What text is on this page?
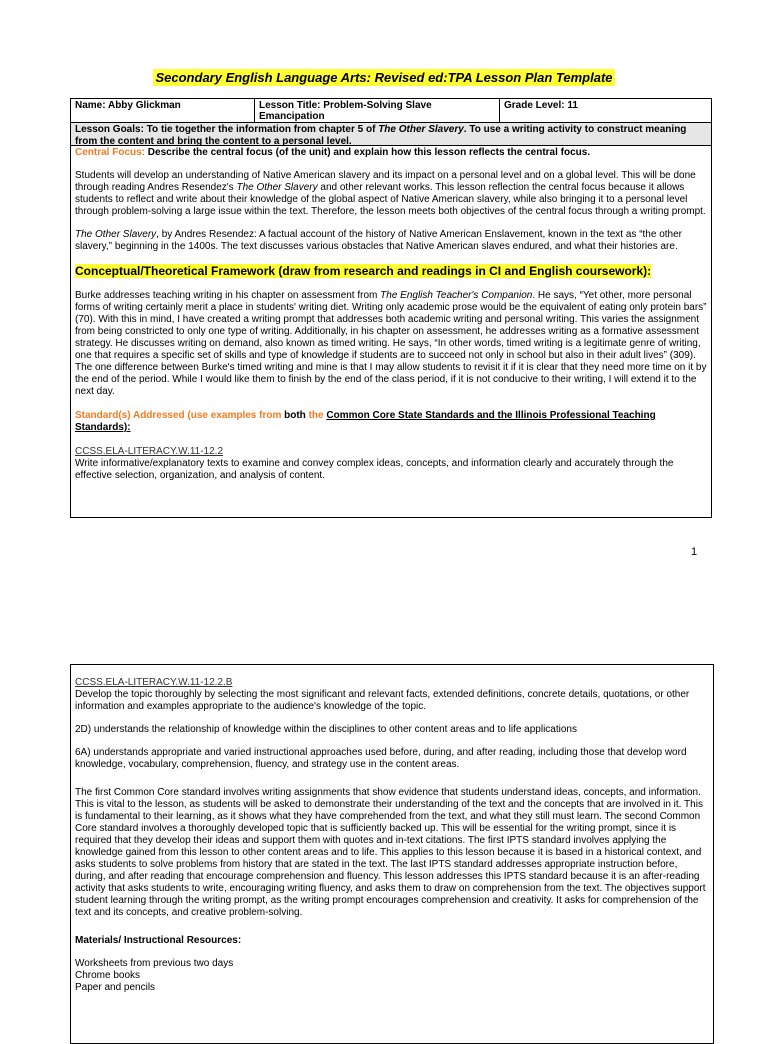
Secondary English Language Arts: Revised ed:TPA Lesson Plan Template
Name: Abby Glickman	Lesson Title: Problem-Solving Slave Emancipation
Grade Level: 11
Lesson Goals: To tie together the information from chapter 5 of The Other Slavery. To use a writing activity to construct meaning from the content and bring the content to a personal level.

Central Focus: Describe the central focus (of the unit) and explain how this lesson reflects the central focus.

Students will develop an understanding of Native American slavery and its impact on a personal level and on a global level. This will be done through reading Andres Resendez's The Other Slavery and other relevant works. This lesson reflection the central focus because it allows students to reflect and write about their knowledge of the global aspect of Native American slavery, while also bringing it to a personal level through problem-solving a large issue within the text. Therefore, the lesson meets both objectives of the central focus through a writing prompt.

The Other Slavery, by Andres Resendez: A factual account of the history of Native American Enslavement, known in the text as “the other slavery,” beginning in the 1400s. The text discusses various obstacles that Native American slaves endured, and what their histories are.

Conceptual/Theoretical Framework (draw from research and readings in CI and English coursework):

Burke addresses teaching writing in his chapter on assessment from The English Teacher's Companion. He says, “Yet other, more personal forms of writing certainly merit a place in students' writing diet. Writing only academic prose would be the equivalent of eating only protein bars” (70). With this in mind, I have created a writing prompt that addresses both academic writing and personal writing. This varies the assignment from being constricted to only one type of writing. Additionally, in his chapter on assessment, he addresses writing as a formative assessment strategy. He discusses writing on demand, also known as timed writing. He says, “In other words, timed writing is a legitimate genre of writing, one that requires a specific set of skills and type of knowledge if students are to succeed not only in school but also in their adult lives” (309). The one difference between Burke's timed writing and mine is that I may allow students to revisit it if it is clear that they need more time on it by the end of the period. While I would like them to finish by the end of the class period, if it is not conducive to their writing, I will extend it to the next day.

Standard(s) Addressed (use examples from both the Common Core State Standards and the Illinois Professional Teaching Standards):

CCSS.ELA-LITERACY.W.11-12.2

Write informative/explanatory texts to examine and convey complex ideas, concepts, and information clearly and accurately through the effective selection, organization, and analysis of content.

1

CCSS.ELA-LITERACY.W.11-12.2.B

Develop the topic thoroughly by selecting the most significant and relevant facts, extended definitions, concrete details, quotations, or other information and examples appropriate to the audience's knowledge of the topic.

2D) understands the relationship of knowledge within the disciplines to other content areas and to life applications

6A) understands appropriate and varied instructional approaches used before, during, and after reading, including those that develop word knowledge, vocabulary, comprehension, fluency, and strategy use in the content areas.

The first Common Core standard involves writing assignments that show evidence that students understand ideas, concepts, and information. This is vital to the lesson, as students will be asked to demonstrate their understanding of the text and the concepts that are involved in it. This is fundamental to their learning, as it shows what they have comprehended from the text, and what they still must learn. The second Common Core standard involves a thoroughly developed topic that is sufficiently backed up. This will be essential for the writing prompt, since it is required that they develop their ideas and support them with quotes and in-text citations. The first IPTS standard involves applying the knowledge gained from this lesson to other content areas and to life. This applies to this lesson because it is based in a historical context, and asks students to solve problems from history that are stated in the text. The last IPTS standard addresses appropriate instruction before, during, and after reading that encourage comprehension and fluency. This lesson addresses this IPTS standard because it is an after-reading activity that asks students to write, encouraging writing fluency, and asks them to draw on comprehension from the text. The objectives support student learning through the writing prompt, as the writing prompt encourages comprehension and creativity. It asks for comprehension of the text and its concepts, and creative problem-solving.

Materials/ Instructional Resources:

Worksheets from previous two days

Chrome books

Paper and pencils
